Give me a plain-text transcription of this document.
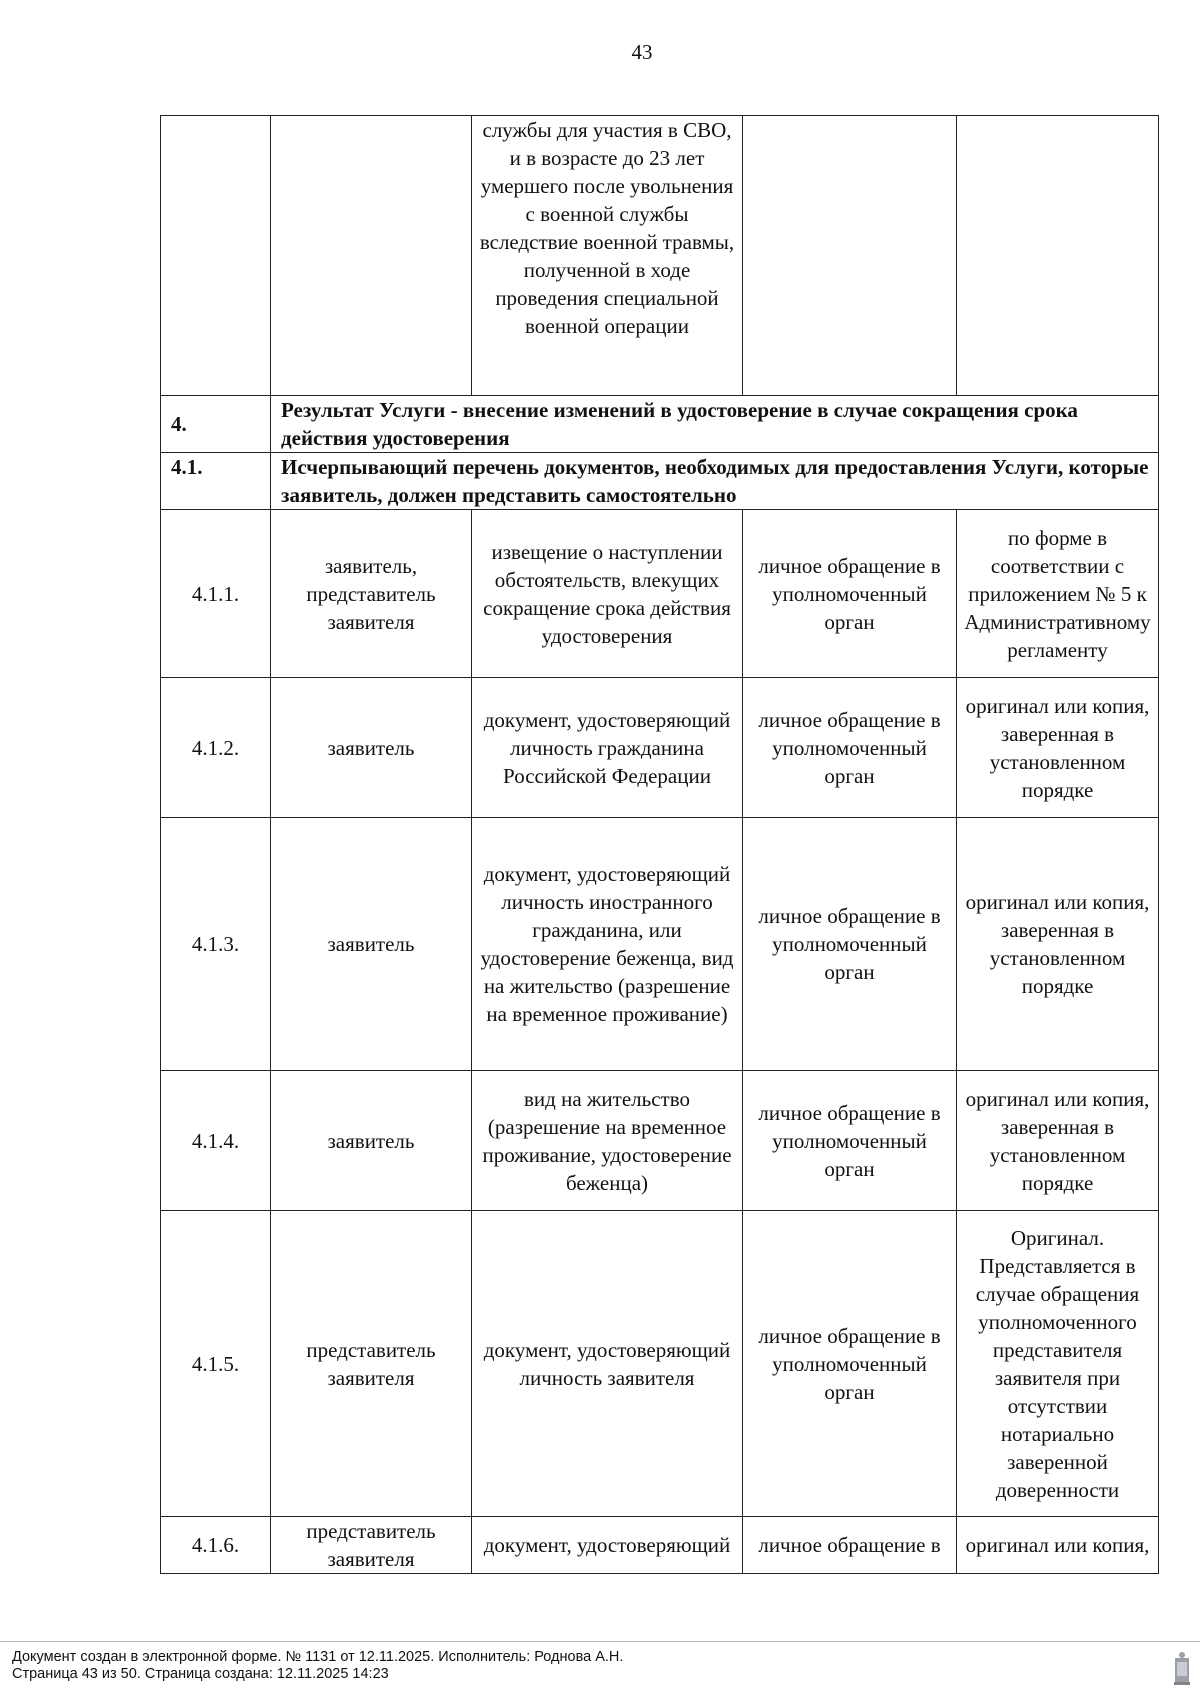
43
		службы для участия в СВО, и в возрасте до 23 лет умершего после увольнения с военной службы вследствие военной травмы, полученной в ходе проведения специальной военной операции		
4.	Результат Услуги - внесение изменений в удостоверение в случае сокращения срока действия удостоверения			
4.1.	Исчерпывающий перечень документов, необходимых для предоставления Услуги, которые заявитель, должен представить самостоятельно			
4.1.1.	заявитель, представитель заявителя	извещение о наступлении обстоятельств, влекущих сокращение срока действия удостоверения	личное обращение в уполномоченный орган	по форме в соответствии с приложением № 5 к Административному регламенту
4.1.2.	заявитель	документ, удостоверяющий личность гражданина Российской Федерации	личное обращение в уполномоченный орган	оригинал или копия, заверенная в установленном порядке
4.1.3.	заявитель	документ, удостоверяющий личность иностранного гражданина, или удостоверение беженца, вид на жительство (разрешение на временное проживание)	личное обращение в уполномоченный орган	оригинал или копия, заверенная в установленном порядке
4.1.4.	заявитель	вид на жительство (разрешение на временное проживание, удостоверение беженца)	личное обращение в уполномоченный орган	оригинал или копия, заверенная в установленном порядке
4.1.5.	представитель заявителя	документ, удостоверяющий личность заявителя	личное обращение в уполномоченный орган	Оригинал. Представляется в случае обращения уполномоченного представителя заявителя при отсутствии нотариально заверенной доверенности
4.1.6.	представитель заявителя	документ, удостоверяющий	личное обращение в	оригинал или копия,
Документ создан в электронной форме. № 1131 от 12.11.2025. Исполнитель: Роднова А.Н.
Страница 43 из 50. Страница создана: 12.11.2025 14:23
